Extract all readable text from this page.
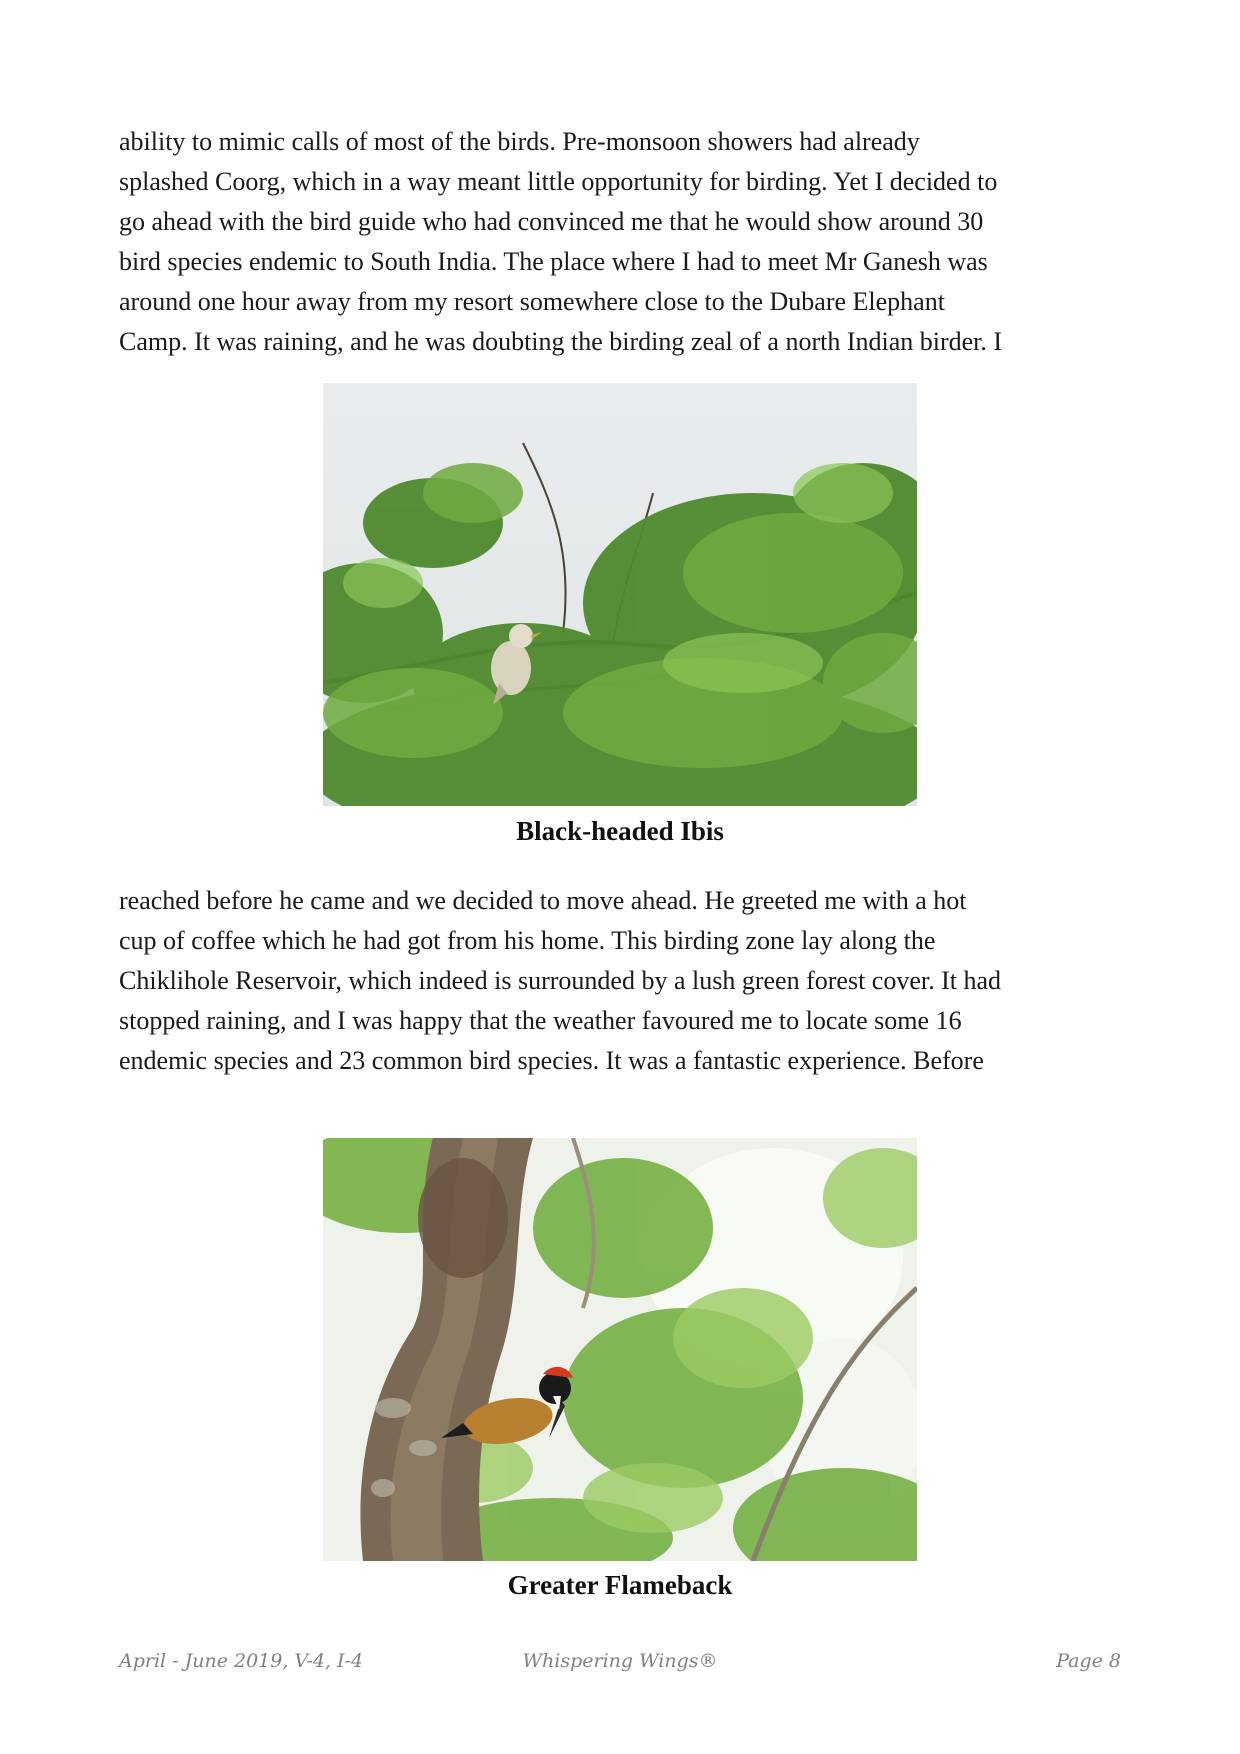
ability to mimic calls of most of the birds. Pre-monsoon showers had already
splashed Coorg, which in a way meant little opportunity for birding. Yet I decided to
go ahead with the bird guide who had convinced me that he would show around 30
bird species endemic to South India. The place where I had to meet Mr Ganesh was
around one hour away from my resort somewhere close to the Dubare Elephant
Camp. It was raining, and he was doubting the birding zeal of a north Indian birder. I
Black-headed Ibis
reached before he came and we decided to move ahead. He greeted me with a hot
cup of coffee which he had got from his home. This birding zone lay along the
Chiklihole Reservoir, which indeed is surrounded by a lush green forest cover. It had
stopped raining, and I was happy that the weather favoured me to locate some 16
endemic species and 23 common bird species. It was a fantastic experience. Before
Greater Flameback
April - June 2019, V-4, I-4	Whispering Wings®	Page 8
